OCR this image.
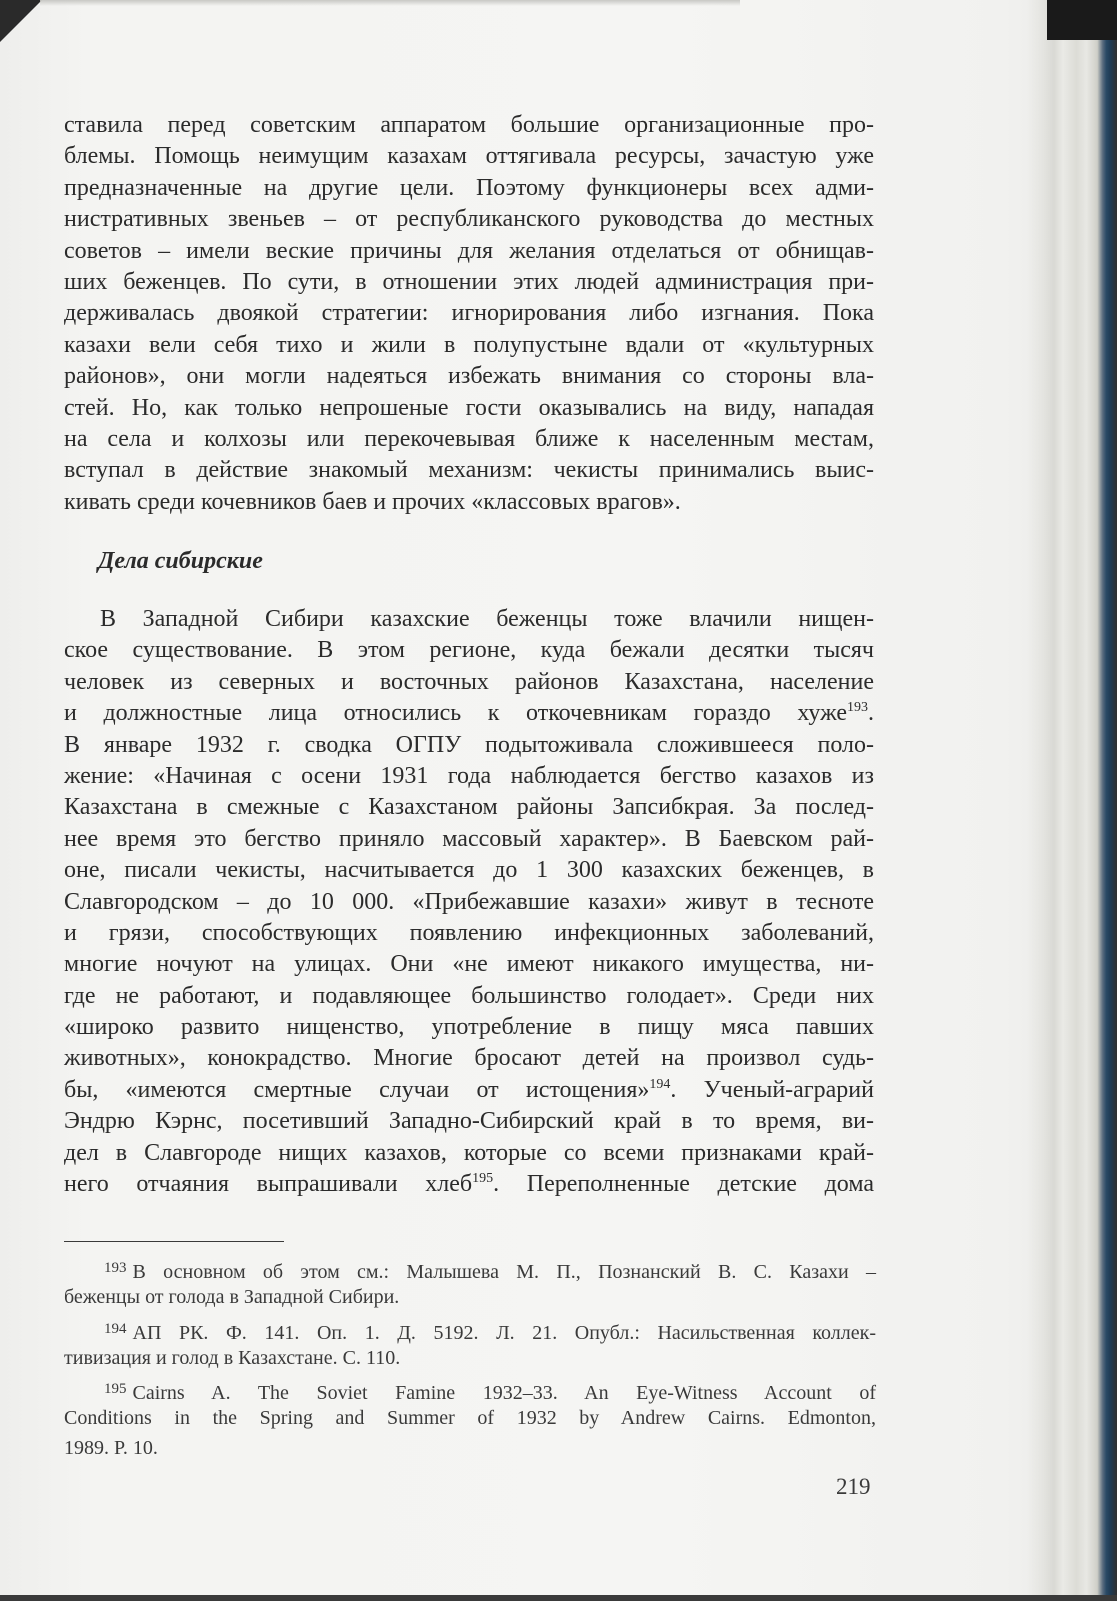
ставила перед советским аппаратом большие организационные про-
блемы. Помощь неимущим казахам оттягивала ресурсы, зачастую уже
предназначенные на другие цели. Поэтому функционеры всех адми-
нистративных звеньев – от республиканского руководства до местных
советов – имели веские причины для желания отделаться от обнищав-
ших беженцев. По сути, в отношении этих людей администрация при-
держивалась двоякой стратегии: игнорирования либо изгнания. Пока
казахи вели себя тихо и жили в полупустыне вдали от «культурных
районов», они могли надеяться избежать внимания со стороны вла-
стей. Но, как только непрошеные гости оказывались на виду, нападая
на села и колхозы или перекочевывая ближе к населенным местам,
вступал в действие знакомый механизм: чекисты принимались выис-
кивать среди кочевников баев и прочих «классовых врагов».
Дела сибирские
В Западной Сибири казахские беженцы тоже влачили нищен-
ское существование. В этом регионе, куда бежали десятки тысяч
человек из северных и восточных районов Казахстана, население
и должностные лица относились к откочевникам гораздо хуже$^{193}$.
В январе 1932 г. сводка ОГПУ подытоживала сложившееся поло-
жение: «Начиная с осени 1931 года наблюдается бегство казахов из
Казахстана в смежные с Казахстаном районы Запсибкрая. За послед-
нее время это бегство приняло массовый характер». В Баевском рай-
оне, писали чекисты, насчитывается до 1 300 казахских беженцев, в
Славгородском – до 10 000. «Прибежавшие казахи» живут в тесноте
и грязи, способствующих появлению инфекционных заболеваний,
многие ночуют на улицах. Они «не имеют никакого имущества, ни-
где не работают, и подавляющее большинство голодает». Среди них
«широко развито нищенство, употребление в пищу мяса павших
животных», конокрадство. Многие бросают детей на произвол судь-
бы, «имеются смертные случаи от истощения»$^{194}$. Ученый-аграрий
Эндрю Кэрнс, посетивший Западно-Сибирский край в то время, ви-
дел в Славгороде нищих казахов, которые со всеми признаками край-
него отчаяния выпрашивали хлеб$^{195}$. Переполненные детские дома
$^{193}$ В основном об этом см.: Малышева М. П., Познанский В. С. Казахи –
беженцы от голода в Западной Сибири.
$^{194}$ АП РК. Ф. 141. Оп. 1. Д. 5192. Л. 21. Опубл.: Насильственная коллек-
тивизация и голод в Казахстане. С. 110.
$^{195}$ Cairns A. The Soviet Famine 1932–33. An Eye-Witness Account of
Conditions in the Spring and Summer of 1932 by Andrew Cairns. Edmonton,
1989. P. 10.
219
